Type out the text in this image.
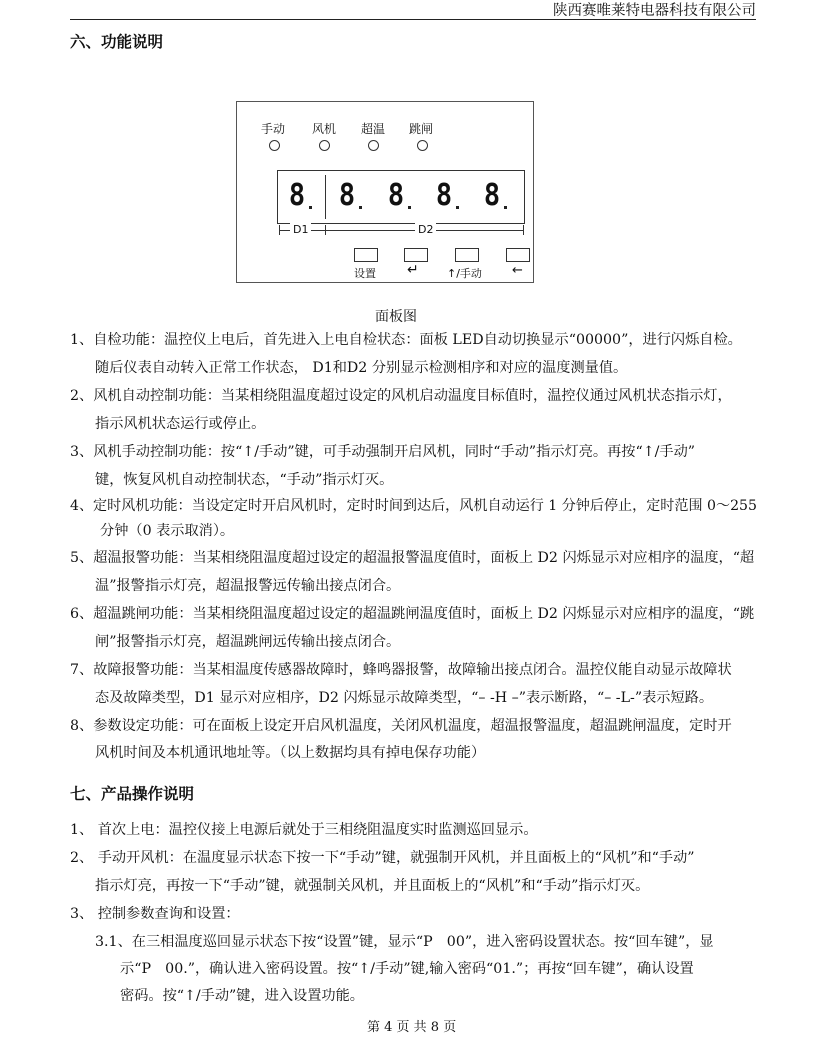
陕西赛唯莱特电器科技有限公司
六、功能说明
手动 风机 超温 跳闸
8 8 8 8 8
D1	D2
设置 ↵	↑/手动 ←
面板图
1、自检功能：温控仪上电后，首先进入上电自检状态：面板 LED自动切换显示“00000”，进行闪烁自检。
随后仪表自动转入正常工作状态， D1和D2 分别显示检测相序和对应的温度测量值。
2、风机自动控制功能：当某相绕阻温度超过设定的风机启动温度目标值时，温控仪通过风机状态指示灯，
指示风机状态运行或停止。
3、风机手动控制功能：按“↑/手动”键，可手动强制开启风机，同时“手动”指示灯亮。再按“↑/手动”
键，恢复风机自动控制状态，“手动”指示灯灭。
4、定时风机功能：当设定定时开启风机时，定时时间到达后，风机自动运行 1 分钟后停止，定时范围 0～255
分钟（0 表示取消）。
5、超温报警功能：当某相绕阻温度超过设定的超温报警温度值时，面板上 D2 闪烁显示对应相序的温度，“超
温”报警指示灯亮，超温报警远传输出接点闭合。
6、超温跳闸功能：当某相绕阻温度超过设定的超温跳闸温度值时，面板上 D2 闪烁显示对应相序的温度，“跳
闸”报警指示灯亮，超温跳闸远传输出接点闭合。
7、故障报警功能：当某相温度传感器故障时，蜂鸣器报警，故障输出接点闭合。温控仪能自动显示故障状
态及故障类型，D1 显示对应相序，D2 闪烁显示故障类型，“– -H –”表示断路，“– -L-”表示短路。
8、参数设定功能：可在面板上设定开启风机温度，关闭风机温度，超温报警温度，超温跳闸温度，定时开
风机时间及本机通讯地址等。（以上数据均具有掉电保存功能）
七、产品操作说明
1、 首次上电：温控仪接上电源后就处于三相绕阻温度实时监测巡回显示。
2、 手动开风机：在温度显示状态下按一下“手动”键，就强制开风机，并且面板上的“风机”和“手动”
指示灯亮，再按一下“手动”键，就强制关风机，并且面板上的“风机”和“手动”指示灯灭。
3、 控制参数查询和设置：
3.1、在三相温度巡回显示状态下按“设置”键，显示“P　00”，进入密码设置状态。按“回车键”，显
示“P　00.”，确认进入密码设置。按“↑/手动”键,输入密码“01.”；再按“回车键”，确认设置
密码。按“↑/手动”键，进入设置功能。
第 4 页 共 8 页
